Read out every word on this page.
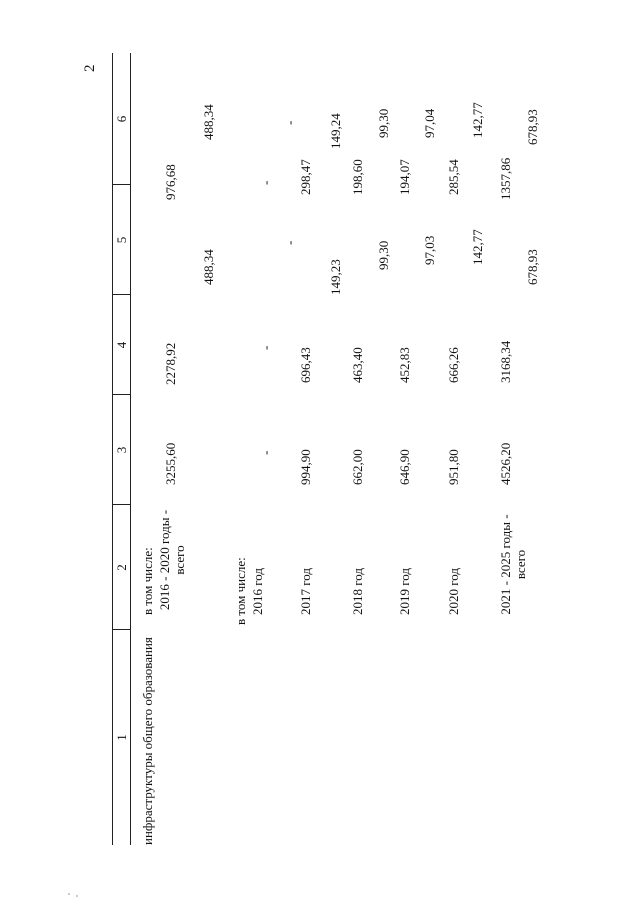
2
1
2
3
4
5
6
инфраструктуры общего образования
в том числе: 2016 - 2020 годы - всего
3255,60
2278,92
976,68
488,34
488,34
в том числе: 2016 год
-
-
-
-
-
2017 год
994,90
696,43
149,23
298,47
149,24
2018 год
662,00
463,40
99,30
198,60
99,30
2019 год
646,90
452,83
97,03
194,07
97,04
2020 год
951,80
666,26
142,77
285,54
142,77
2021 - 2025 годы - всего
4526,20
3168,34
678,93
1357,86
678,93
